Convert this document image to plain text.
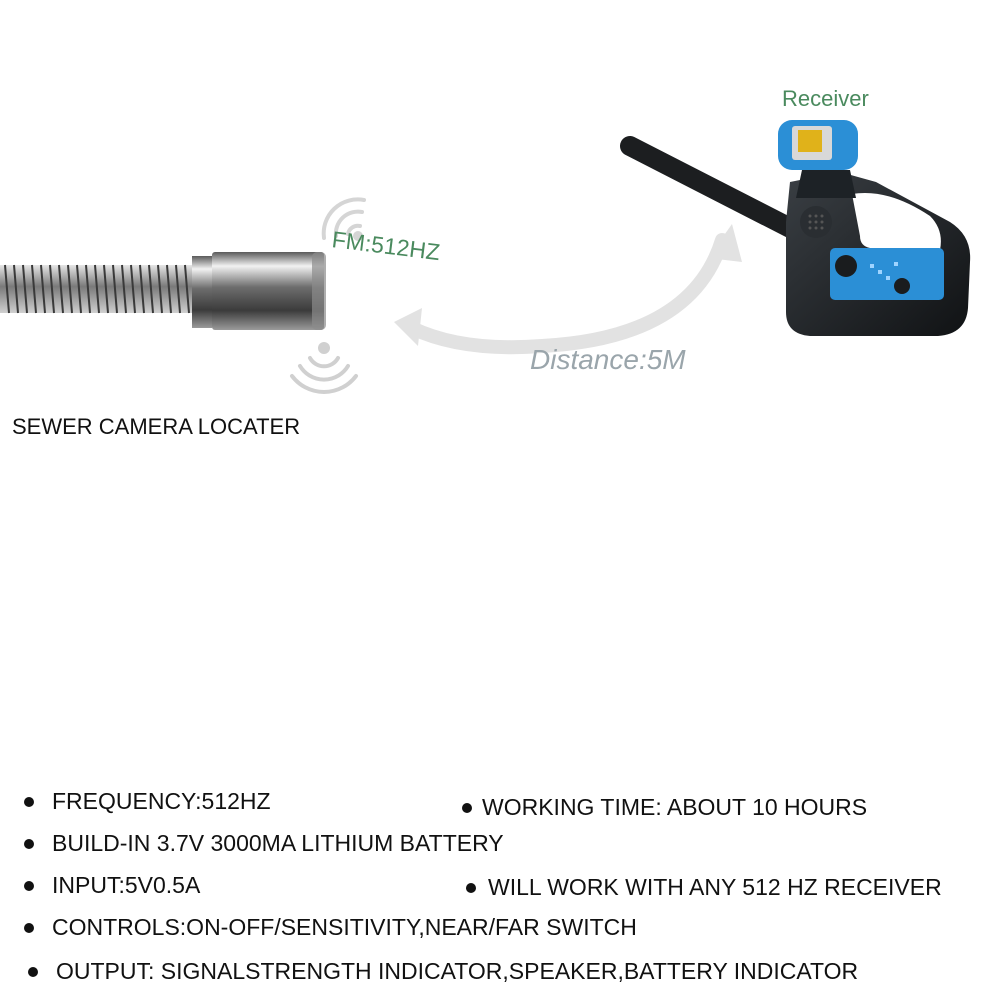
Receiver
FM:512HZ
Distance:5M
SEWER CAMERA LOCATER
FREQUENCY:512HZ	WORKING TIME: ABOUT 10 HOURS
BUILD-IN 3.7V 3000MA LITHIUM BATTERY
INPUT:5V0.5A	WILL WORK WITH ANY 512 HZ RECEIVER
CONTROLS:ON-OFF/SENSITIVITY,NEAR/FAR SWITCH
OUTPUT: SIGNALSTRENGTH INDICATOR,SPEAKER,BATTERY INDICATOR
